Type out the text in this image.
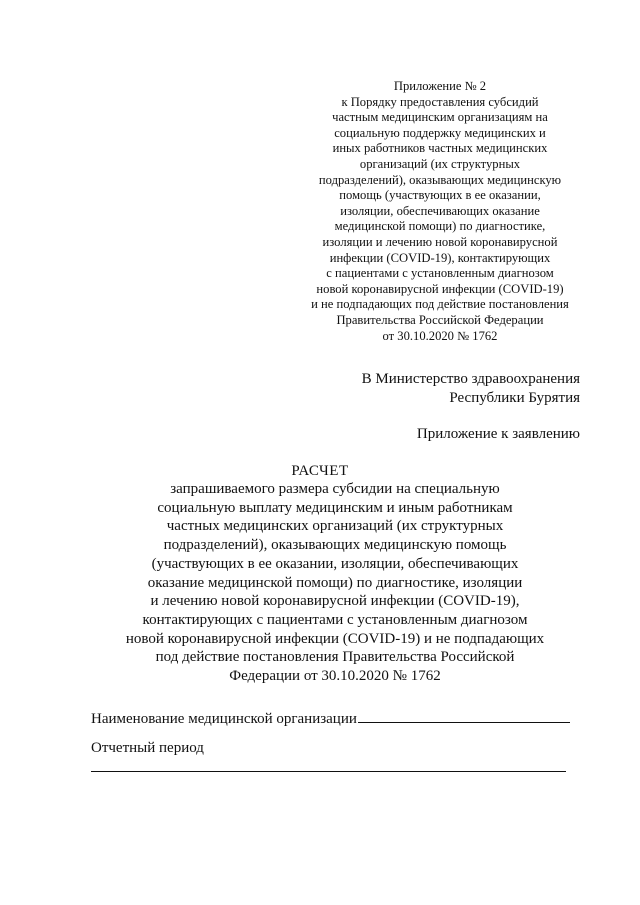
Приложение № 2
к Порядку предоставления субсидий
частным медицинским организациям на
социальную поддержку медицинских и
иных работников частных медицинских
организаций (их структурных
подразделений), оказывающих медицинскую
помощь (участвующих в ее оказании,
изоляции, обеспечивающих оказание
медицинской помощи) по диагностике,
изоляции и лечению новой коронавирусной
инфекции (COVID-19), контактирующих
с пациентами с установленным диагнозом
новой коронавирусной инфекции (COVID-19)
и не подпадающих под действие постановления
Правительства Российской Федерации
от 30.10.2020 № 1762
В Министерство здравоохранения
Республики Бурятия
Приложение к заявлению
РАСЧЕТ
запрашиваемого размера субсидии на специальную
социальную выплату медицинским и иным работникам
частных медицинских организаций (их структурных
подразделений), оказывающих медицинскую помощь
(участвующих в ее оказании, изоляции, обеспечивающих
оказание медицинской помощи) по диагностике, изоляции
и лечению новой коронавирусной инфекции (COVID-19),
контактирующих с пациентами с установленным диагнозом
новой коронавирусной инфекции (COVID-19) и не подпадающих
под действие постановления Правительства Российской
Федерации от 30.10.2020 № 1762
Наименование медицинской организации
Отчетный период
